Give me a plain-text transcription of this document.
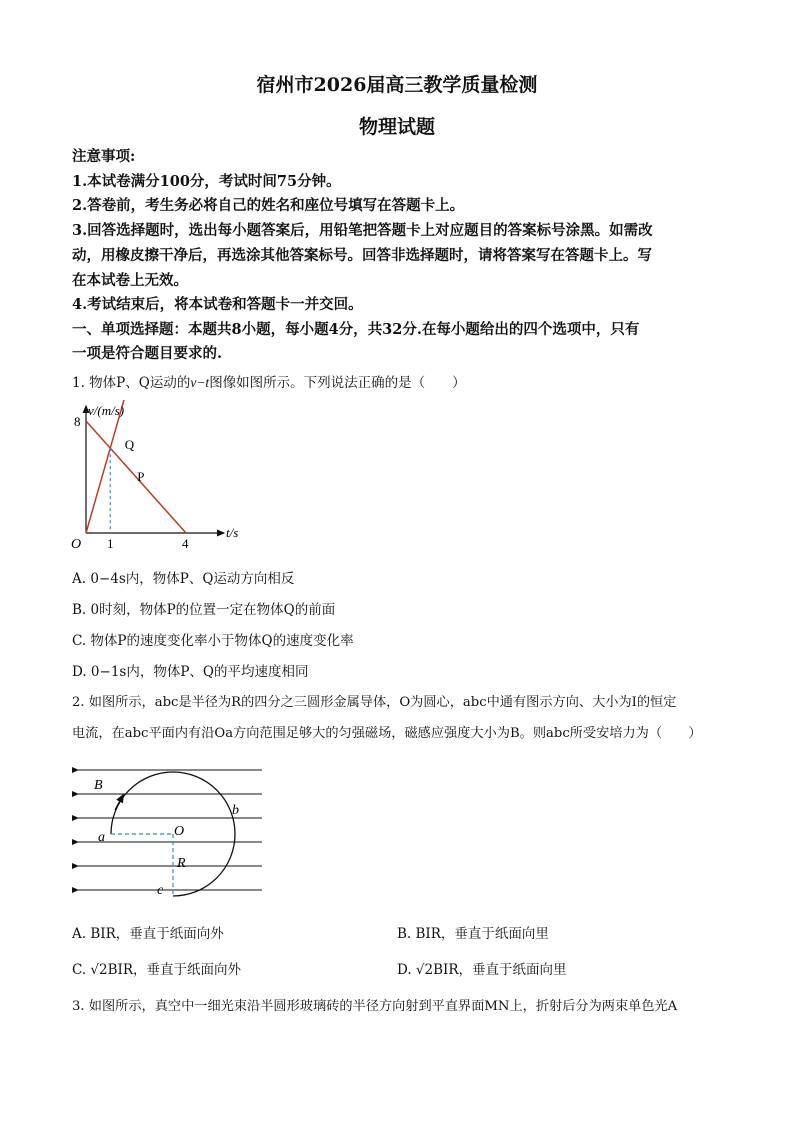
宿州市2026届高三教学质量检测
物理试题
注意事项:
1.本试卷满分100分，考试时间75分钟。
2.答卷前，考生务必将自己的姓名和座位号填写在答题卡上。
3.回答选择题时，选出每小题答案后，用铅笔把答题卡上对应题目的答案标号涂黑。如需改
动，用橡皮擦干净后，再选涂其他答案标号。回答非选择题时，请将答案写在答题卡上。写
在本试卷上无效。
4.考试结束后，将本试卷和答题卡一并交回。
一、单项选择题：本题共8小题，每小题4分，共32分.在每小题给出的四个选项中，只有
一项是符合题目要求的.
1. 物体P、Q运动的v−t图像如图所示。下列说法正确的是（　　）
Q
P
1	4
8
v/(m/s)
t/s
O
A. 0−4s内，物体P、Q运动方向相反
B. 0时刻，物体P的位置一定在物体Q的前面
C. 物体P的速度变化率小于物体Q的速度变化率
D. 0−1s内，物体P、Q的平均速度相同
2. 如图所示，abc是半径为R的四分之三圆形金属导体，O为圆心，abc中通有图示方向、大小为I的恒定
电流，在abc平面内有沿Oa方向范围足够大的匀强磁场，磁感应强度大小为B。则abc所受安培力为（　　）
B
b
a	O
R
c
A. BIR，垂直于纸面向外	B. BIR，垂直于纸面向里
C. √2BIR，垂直于纸面向外	D. √2BIR，垂直于纸面向里
3. 如图所示，真空中一细光束沿半圆形玻璃砖的半径方向射到平直界面MN上，折射后分为两束单色光A
